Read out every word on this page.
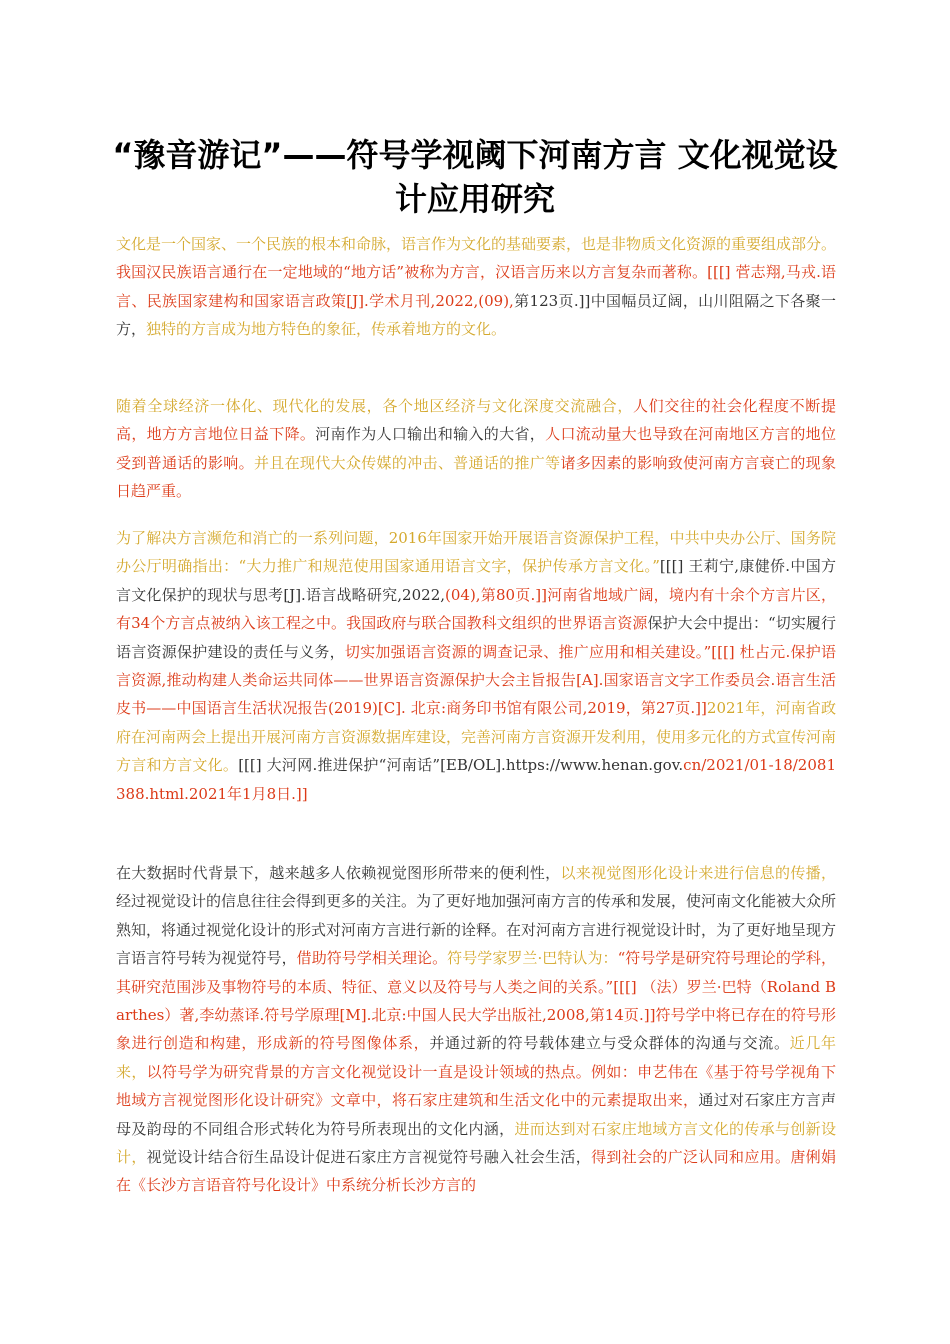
“豫音游记”——符号学视阈下河南方言 文化视觉设计应用研究

文化是一个国家、一个民族的根本和命脉，语言作为文化的基础要素，也是非物质文化资源的重要组成部分。我国汉民族语言通行在一定地域的“地方话”被称为方言，汉语言历来以方言复杂而著称。[[[] 菅志翔,马戎.语言、民族国家建构和国家语言政策[J].学术月刊,2022,(09),第123页.]]中国幅员辽阔，山川阻隔之下各聚一方，独特的方言成为地方特色的象征，传承着地方的文化。

随着全球经济一体化、现代化的发展，各个地区经济与文化深度交流融合，人们交往的社会化程度不断提高，地方方言地位日益下降。河南作为人口输出和输入的大省，人口流动量大也导致在河南地区方言的地位受到普通话的影响。并且在现代大众传媒的冲击、普通话的推广等诸多因素的影响致使河南方言衰亡的现象日趋严重。

为了解决方言濒危和消亡的一系列问题，2016年国家开始开展语言资源保护工程，中共中央办公厅、国务院办公厅明确指出：“大力推广和规范使用国家通用语言文字，保护传承方言文化。”[[[] 王莉宁,康健侨.中国方言文化保护的现状与思考[J].语言战略研究,2022,(04),第80页.]]河南省地域广阔，境内有十余个方言片区，有34个方言点被纳入该工程之中。我国政府与联合国教科文组织的世界语言资源保护大会中提出：“切实履行语言资源保护建设的责任与义务，切实加强语言资源的调查记录、推广应用和相关建设。”[[[] 杜占元.保护语言资源,推动构建人类命运共同体——世界语言资源保护大会主旨报告[A].国家语言文字工作委员会.语言生活皮书——中国语言生活状况报告(2019)[C]. 北京:商务印书馆有限公司,2019，第27页.]]2021年，河南省政府在河南两会上提出开展河南方言资源数据库建设，完善河南方言资源开发利用，使用多元化的方式宣传河南方言和方言文化。[[[] 大河网.推进保护“河南话”[EB/OL].https://www.henan.gov.cn/2021/01-18/2081388.html.2021年1月8日.]]

在大数据时代背景下，越来越多人依赖视觉图形所带来的便利性，以来视觉图形化设计来进行信息的传播，经过视觉设计的信息往往会得到更多的关注。为了更好地加强河南方言的传承和发展，使河南文化能被大众所熟知，将通过视觉化设计的形式对河南方言进行新的诠释。在对河南方言进行视觉设计时，为了更好地呈现方言语言符号转为视觉符号，借助符号学相关理论。符号学家罗兰·巴特认为：“符号学是研究符号理论的学科，其研究范围涉及事物符号的本质、特征、意义以及符号与人类之间的关系。”[[[] （法）罗兰·巴特（Roland Barthes）著,李幼蒸译.符号学原理[M].北京:中国人民大学出版社,2008,第14页.]]符号学中将已存在的符号形象进行创造和构建，形成新的符号图像体系，并通过新的符号载体建立与受众群体的沟通与交流。近几年来，以符号学为研究背景的方言文化视觉设计一直是设计领域的热点。例如：申艺伟在《基于符号学视角下地域方言视觉图形化设计研究》文章中，将石家庄建筑和生活文化中的元素提取出来，通过对石家庄方言声母及韵母的不同组合形式转化为符号所表现出的文化内涵，进而达到对石家庄地域方言文化的传承与创新设计，视觉设计结合衍生品设计促进石家庄方言视觉符号融入社会生活，得到社会的广泛认同和应用。唐俐娟在《长沙方言语音符号化设计》中系统分析长沙方言的
